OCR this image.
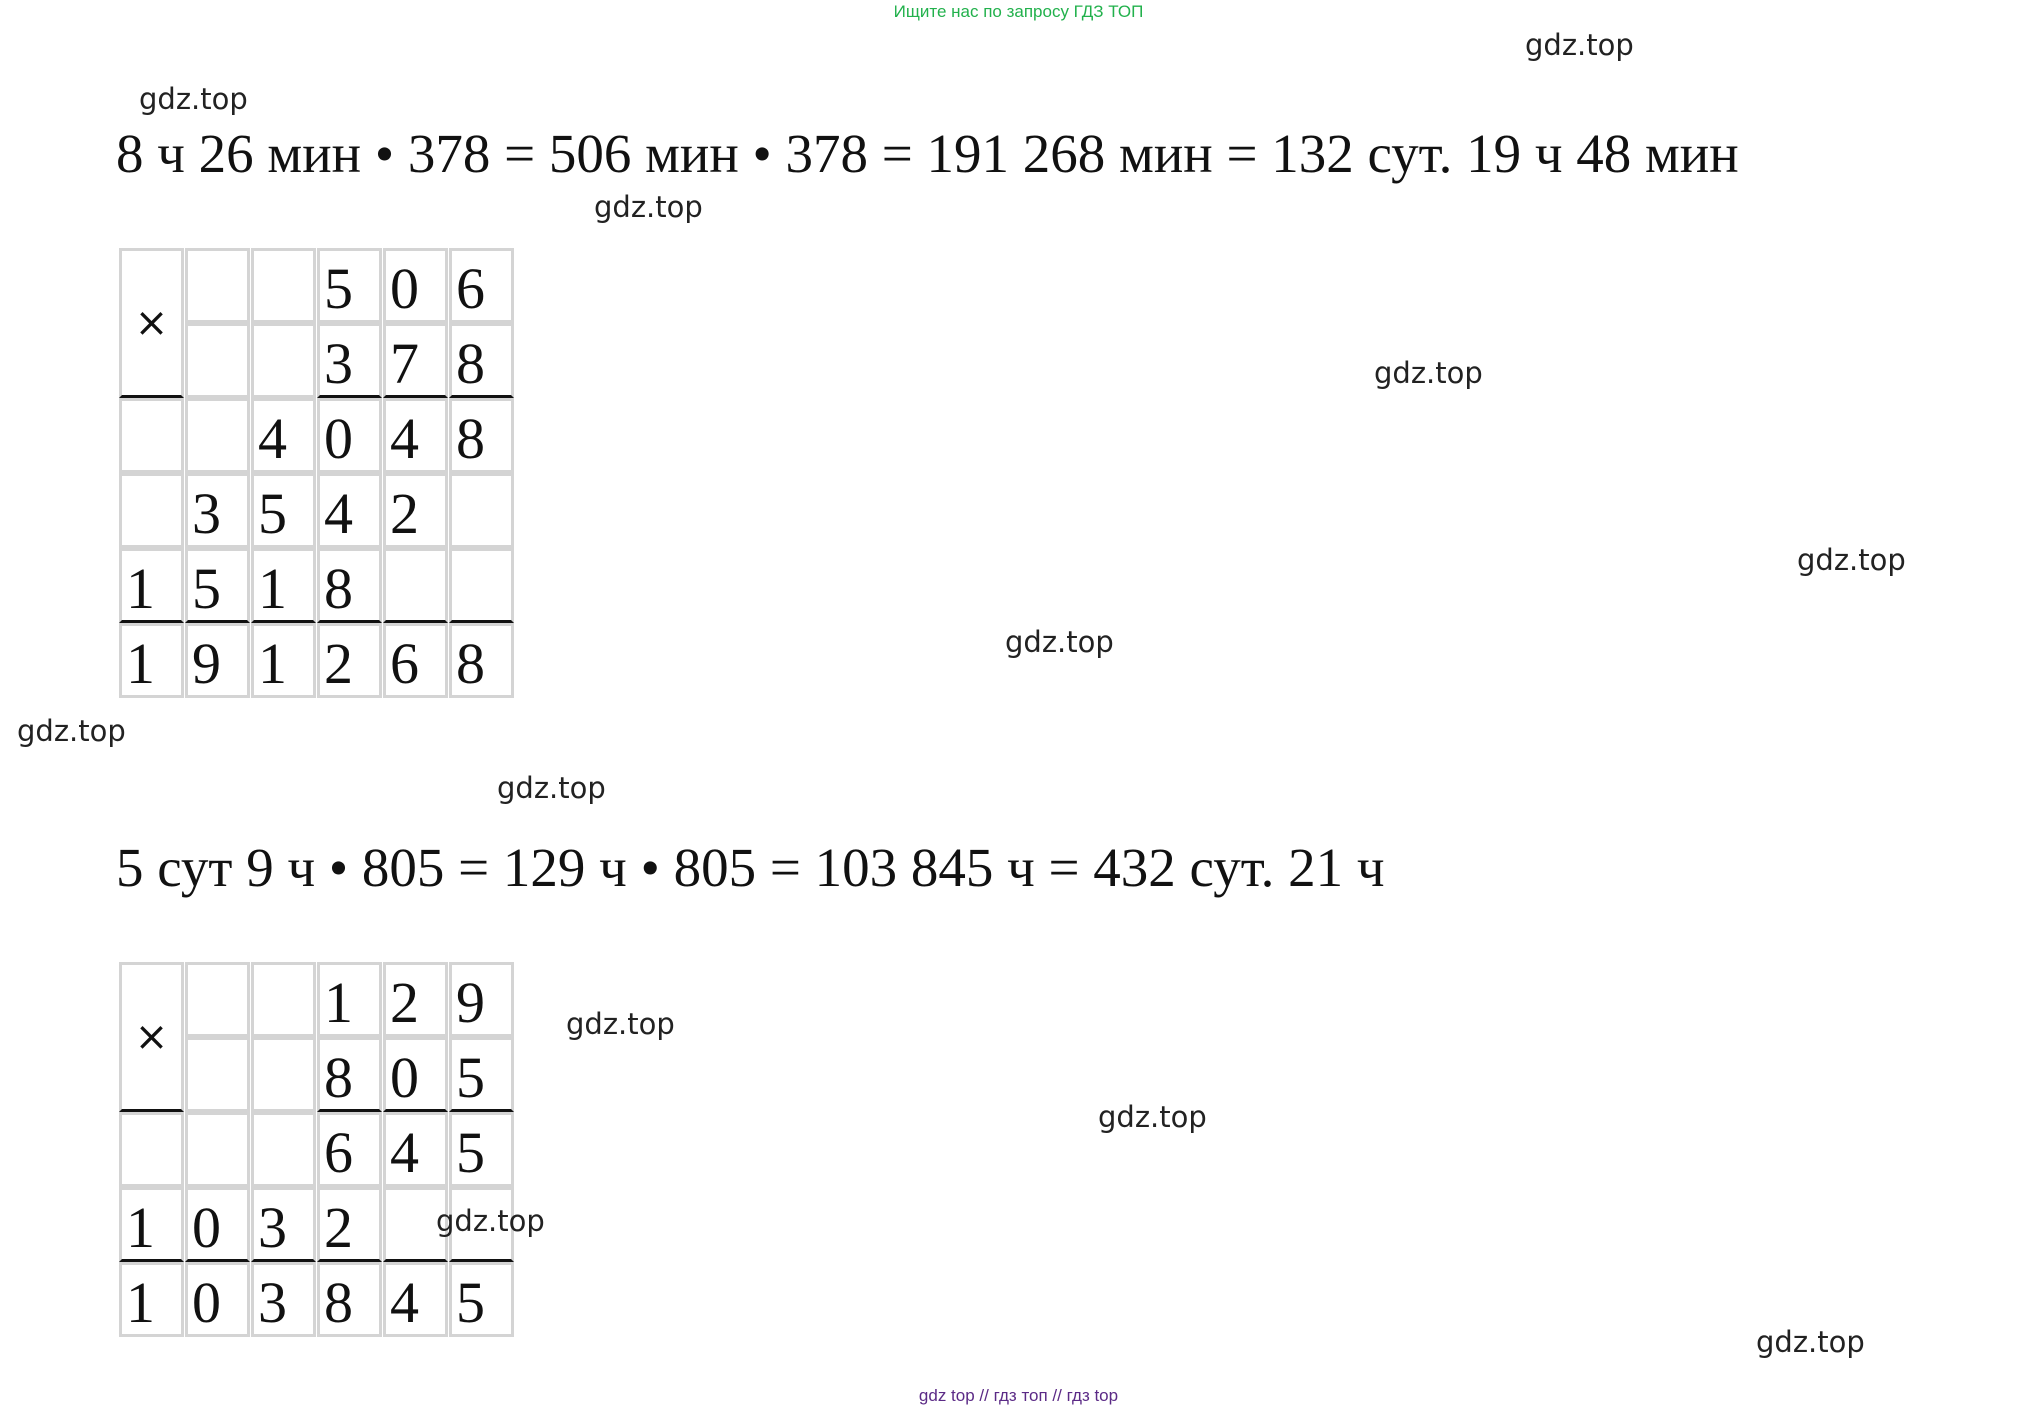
Ищите нас по запросу ГДЗ ТОП
gdz.top
gdz.top
gdz.top
gdz.top
gdz.top
gdz.top
gdz.top
gdz.top
gdz.top
gdz.top
gdz.top
gdz.top
8 ч 26 мин • 378 = 506 мин • 378 = 191 268 мин = 132 сут. 19 ч 48 мин
×
5 0 6
3 7 8
4 0 4 8
3 5 4 2
1 5 1 8
1 9 1 2 6 8
5 сут 9 ч • 805 = 129 ч • 805 = 103 845 ч = 432 сут. 21 ч
×
1 2 9
8 0 5
6 4 5
1 0 3 2
1 0 3 8 4 5
gdz top // гдз топ // гдз top
